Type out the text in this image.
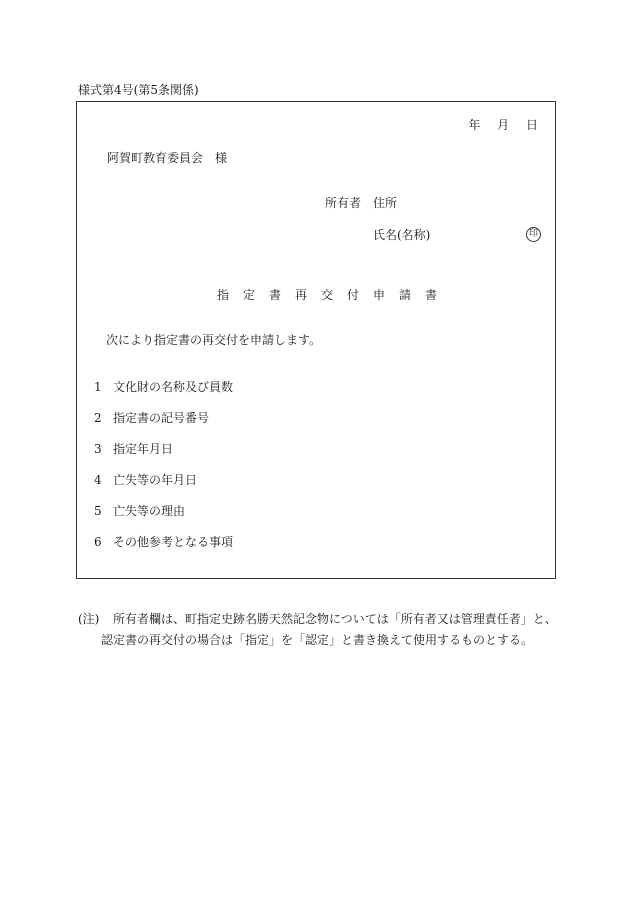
様式第4号(第5条関係)
年 月 日
阿賀町教育委員会　様
所有者　住所
氏名(名称)	印
指定書再交付申請書
次により指定書の再交付を申請します。
1 文化財の名称及び員数
2 指定書の記号番号
3 指定年月日
4 亡失等の年月日
5 亡失等の理由
6 その他参考となる事項
(注) 所有者欄は、町指定史跡名勝天然記念物については「所有者又は管理責任者」と、
認定書の再交付の場合は「指定」を「認定」と書き換えて使用するものとする。
